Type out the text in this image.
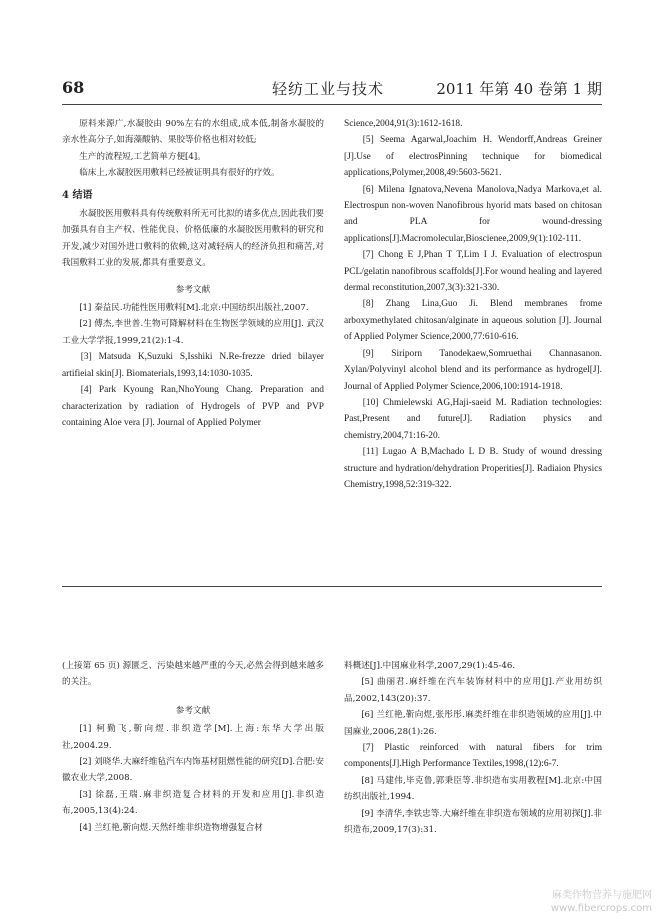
68	轻纺工业与技术	2011 年第 40 卷第 1 期

原料来源广,水凝胶由 90%左右的水组成,成本低,制备水凝胶的亲水性高分子,如海藻酸钠、果胶等价格也相对较低;

生产的流程短,工艺简单方便[4]。

临床上,水凝胶医用敷料已经被证明具有很好的疗效。

4 结语

水凝胶医用敷料具有传统敷料所无可比拟的诸多优点,因此我们要加强具有自主产权、性能优良、价格低廉的水凝胶医用敷料的研究和开发,减少对国外进口敷料的依赖,这对减轻病人的经济负担和痛苦,对我国敷料工业的发展,都具有重要意义。

参考文献

[1] 秦益民.功能性医用敷料[M].北京:中国纺织出版社,2007.

[2] 傅杰,李世普.生物可降解材料在生物医学领域的应用[J]. 武汉工业大学学报,1999,21(2):1-4.

[3] Matsuda K,Suzuki S,Isshiki N.Re-frezze dried bilayer artifieial skin[J]. Biomaterials,1993,14:1030-1035.

[4] Park Kyoung Ran,NhoYoung Chang. Preparation and characterization by radiation of Hydrogels of PVP and PVP containing Aloe vera [J]. Journal of Applied Polymer

Science,2004,91(3):1612-1618.

[5] Seema Agarwal,Joachim H. Wendorff,Andreas Greiner [J].Use of electrosPinning technique for biomedical applications,Polymer,2008,49:5603-5621.

[6] Milena Ignatova,Nevena Manolova,Nadya Markova,et al. Electrospun non-woven Nanofibrous hyorid mats based on chitosan and PLA for wound-dressing applications[J].Macromolecular,Bioscienee,2009,9(1):102-111.

[7] Chong E J,Phan T T,Lim I J. Evaluation of electrospun PCL/gelatin nanofibrous scaffolds[J].For wound healing and layered dermal reconstitution,2007,3(3):321-330.

[8] Zhang Lina,Guo Ji. Blend membranes frome arboxymethylated chitosan/alginate in aqueous solution [J]. Journal of Applied Polymer Science,2000,77:610-616.

[9] Siriporn Tanodekaew,Somruethai Channasanon. Xylan/Polyvinyl alcohol blend and its performance as hydrogel[J]. Journal of Applied Polymer Science,2006,100:1914-1918.

[10] Chmielewski AG,Haji-saeid M. Radiation technologies: Past,Present and future[J]. Radiation physics and chemistry,2004,71:16-20.

[11] Lugao A B,Machado L D B. Study of wound dressing structure and hydration/dehydration Properities[J]. Radiaion Physics Chemistry,1998,52:319-322.

(上接第 65 页) 源匮乏、污染越来越严重的今天,必然会得到越来越多的关注。

参考文献

[1] 柯勤飞,靳向煜.非织造学[M].上海:东华大学出版社,2004.29.

[2] 刘晓华.大麻纤维毡汽车内饰基材阻燃性能的研究[D].合肥:安徽农业大学,2008.

[3] 徐磊,王瑞.麻非织造复合材料的开发和应用[J].非织造布,2005,13(4):24.

[4] 兰红艳,靳向煜.天然纤维非织造物增强复合材

料概述[J].中国麻业科学,2007,29(1):45-46.

[5] 曲丽君.麻纤维在汽车装饰材料中的应用[J].产业用纺织品,2002,143(20):37.

[6] 兰红艳,靳向煜,张彤彤.麻类纤维在非织造领域的应用[J].中国麻业,2006,28(1):26.

[7] Plastic reinforced with natural fibers for trim components[J].High Performance Textiles,1998,(12):6-7.

[8] 马建伟,毕克鲁,郭秉臣等.非织造布实用教程[M].北京:中国纺织出版社,1994.

[9] 李清华,李铁忠等.大麻纤维在非织造布领域的应用初探[J].非织造布,2009,17(3):31.

麻类作物营养与施肥网
www.fibercrops.com
